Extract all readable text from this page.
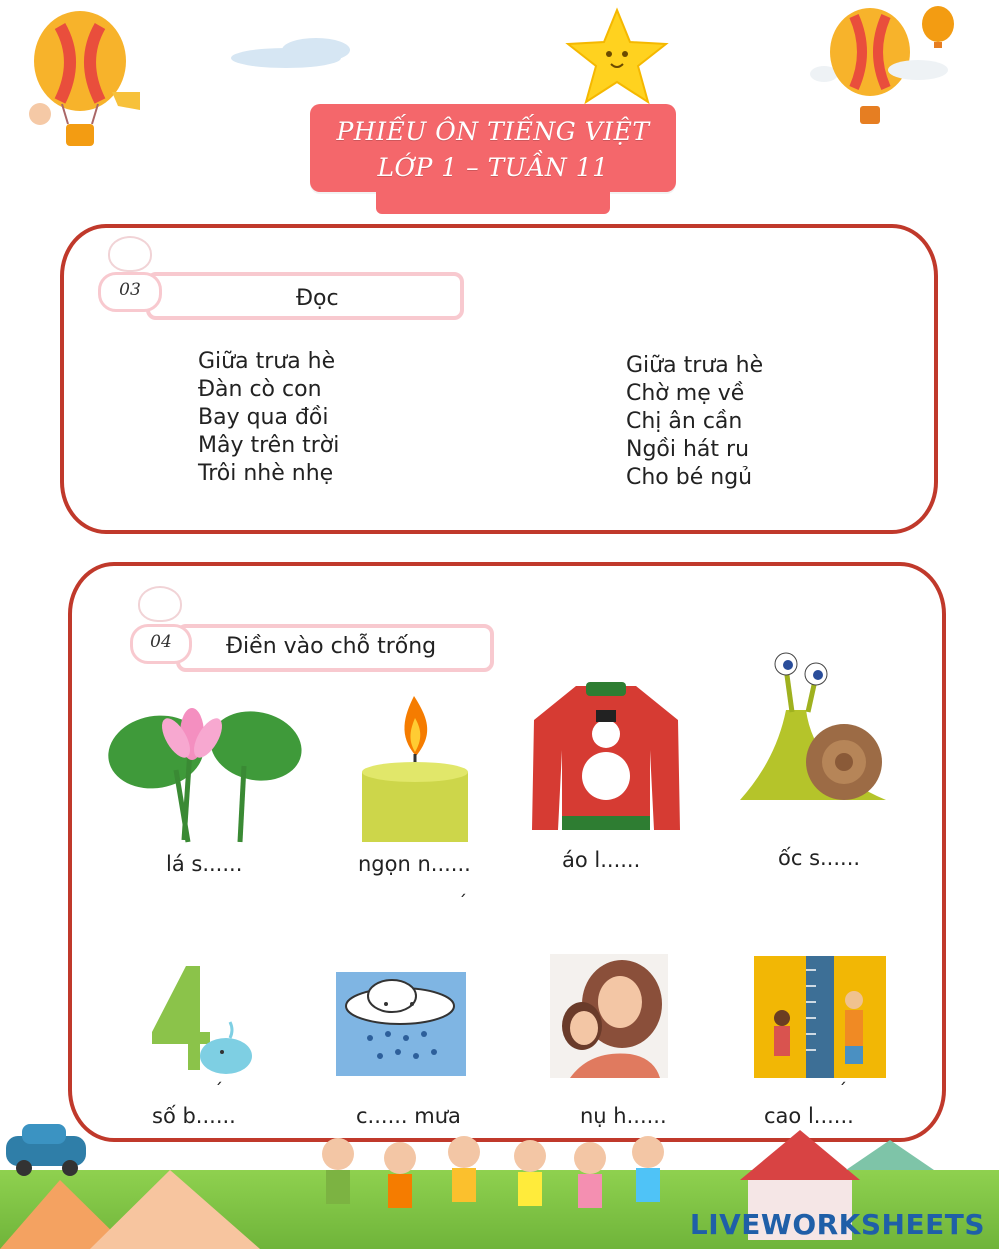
PHIẾU ÔN TIẾNG VIỆT
LỚP 1 – TUẦN 11
03	Đọc
Giữa trưa hè
Đàn cò con
Bay qua đồi
Mây trên trời
Trôi nhè nhẹ
Giữa trưa hè
Chờ mẹ về
Chị ân cần
Ngồi hát ru
Cho bé ngủ
04	Điền vào chỗ trống
lá s......	ngọn n......	áo l......	ốc s......
´
´	´
số b......	c...... mưa	nụ h......	cao l......
LIVEWORKSHEETS
